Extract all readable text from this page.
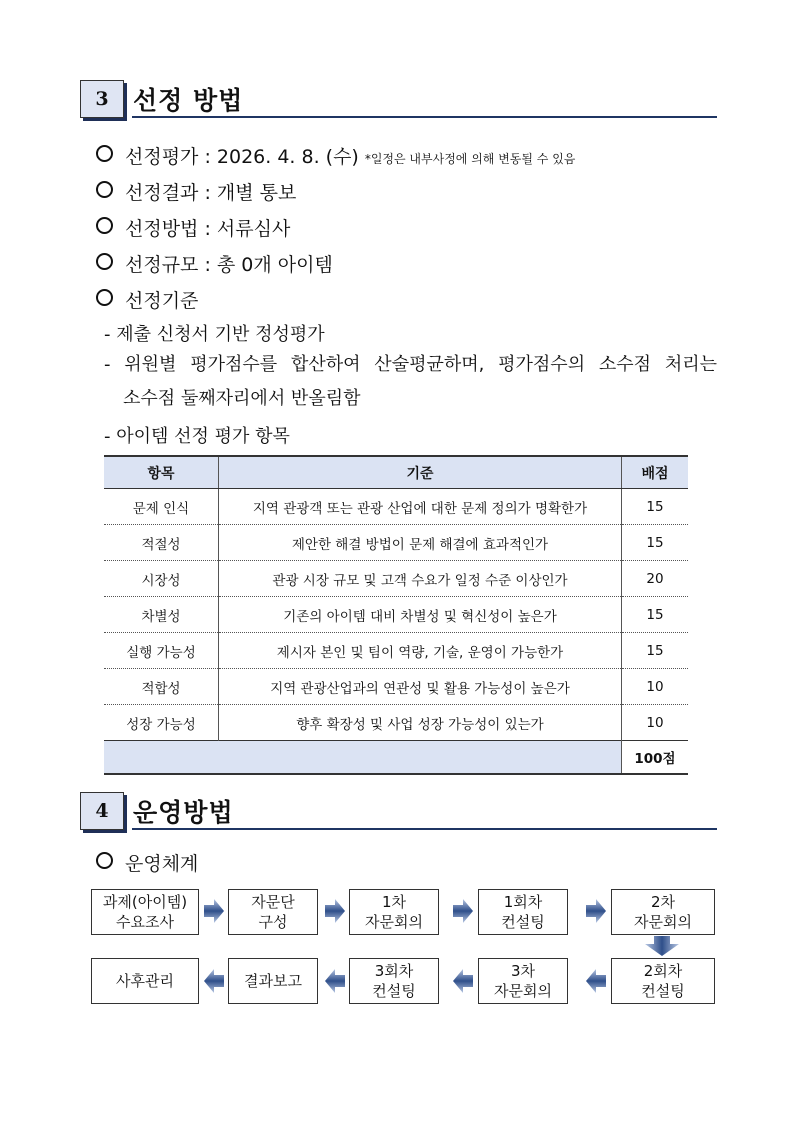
3 선정 방법
선정평가 : 2026. 4. 8. (수) *일정은 내부사정에 의해 변동될 수 있음
선정결과 : 개별 통보
선정방법 : 서류심사
선정규모 : 총 0개 아이템
선정기준
- 제출 신청서 기반 정성평가
- 위원별 평가점수를 합산하여 산술평균하며, 평가점수의 소수점 처리는
소수점 둘째자리에서 반올림함
- 아이템 선정 평가 항목
항목	기준	배점
문제 인식	지역 관광객 또는 관광 산업에 대한 문제 정의가 명확한가	15
적절성	제안한 해결 방법이 문제 해결에 효과적인가	15
시장성	관광 시장 규모 및 고객 수요가 일정 수준 이상인가	20
차별성	기존의 아이템 대비 차별성 및 혁신성이 높은가	15
실행 가능성	제시자 본인 및 팀이 역량, 기술, 운영이 가능한가	15
적합성	지역 관광산업과의 연관성 및 활용 가능성이 높은가	10
성장 가능성	향후 확장성 및 사업 성장 가능성이 있는가	10
		100점
4 운영방법
운영체계
과제(아이템)
수요조사
자문단
구성
1차
자문회의
1회차
컨설팅
2차
자문회의
2회차
컨설팅
3차
자문회의
3회차
컨설팅
결과보고
사후관리
